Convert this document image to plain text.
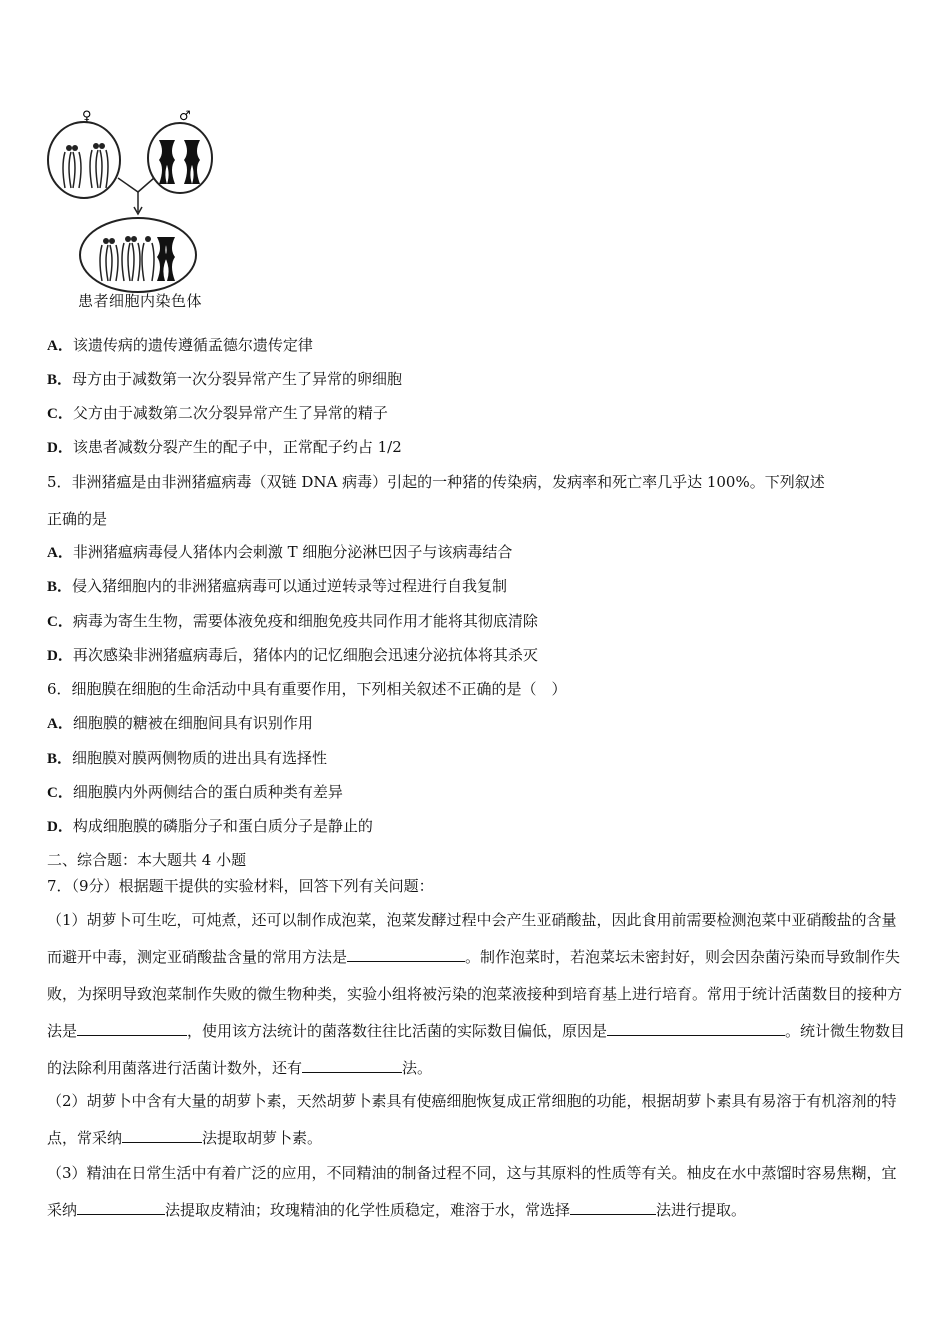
♀	♂
患者细胞内染色体
A．该遗传病的遗传遵循孟德尔遗传定律
B．母方由于减数第一次分裂异常产生了异常的卵细胞
C．父方由于减数第二次分裂异常产生了异常的精子
D．该患者减数分裂产生的配子中，正常配子约占 1/2
5．非洲猪瘟是由非洲猪瘟病毒（双链 DNA 病毒）引起的一种猪的传染病，发病率和死亡率几乎达 100%。下列叙述
正确的是
A．非洲猪瘟病毒侵人猪体内会刺激 T 细胞分泌淋巴因子与该病毒结合
B．侵入猪细胞内的非洲猪瘟病毒可以通过逆转录等过程进行自我复制
C．病毒为寄生生物，需要体液免疫和细胞免疫共同作用才能将其彻底清除
D．再次感染非洲猪瘟病毒后，猪体内的记忆细胞会迅速分泌抗体将其杀灭
6．细胞膜在细胞的生命活动中具有重要作用，下列相关叙述不正确的是（　）
A．细胞膜的糖被在细胞间具有识别作用
B．细胞膜对膜两侧物质的进出具有选择性
C．细胞膜内外两侧结合的蛋白质种类有差异
D．构成细胞膜的磷脂分子和蛋白质分子是静止的
二、综合题：本大题共 4 小题
7．（9分）根据题干提供的实验材料，回答下列有关问题：
（1）胡萝卜可生吃，可炖煮，还可以制作成泡菜，泡菜发酵过程中会产生亚硝酸盐，因此食用前需要检测泡菜中亚硝酸盐的含量而避开中毒，测定亚硝酸盐含量的常用方法是	。制作泡菜时，若泡菜坛未密封好，则会因杂菌污染而导致制作失败，为探明导致泡菜制作失败的微生物种类，实验小组将被污染的泡菜液接种到培育基上进行培育。常用于统计活菌数目的接种方法是	，使用该方法统计的菌落数往往比活菌的实际数目偏低，原因是	。统计微生物数目的法除利用菌落进行活菌计数外，还有	法。
（2）胡萝卜中含有大量的胡萝卜素，天然胡萝卜素具有使癌细胞恢复成正常细胞的功能，根据胡萝卜素具有易溶于有机溶剂的特点，常采纳	法提取胡萝卜素。
（3）精油在日常生活中有着广泛的应用，不同精油的制备过程不同，这与其原料的性质等有关。柚皮在水中蒸馏时容易焦糊，宜采纳	法提取皮精油；玫瑰精油的化学性质稳定，难溶于水，常选择	法进行提取。
